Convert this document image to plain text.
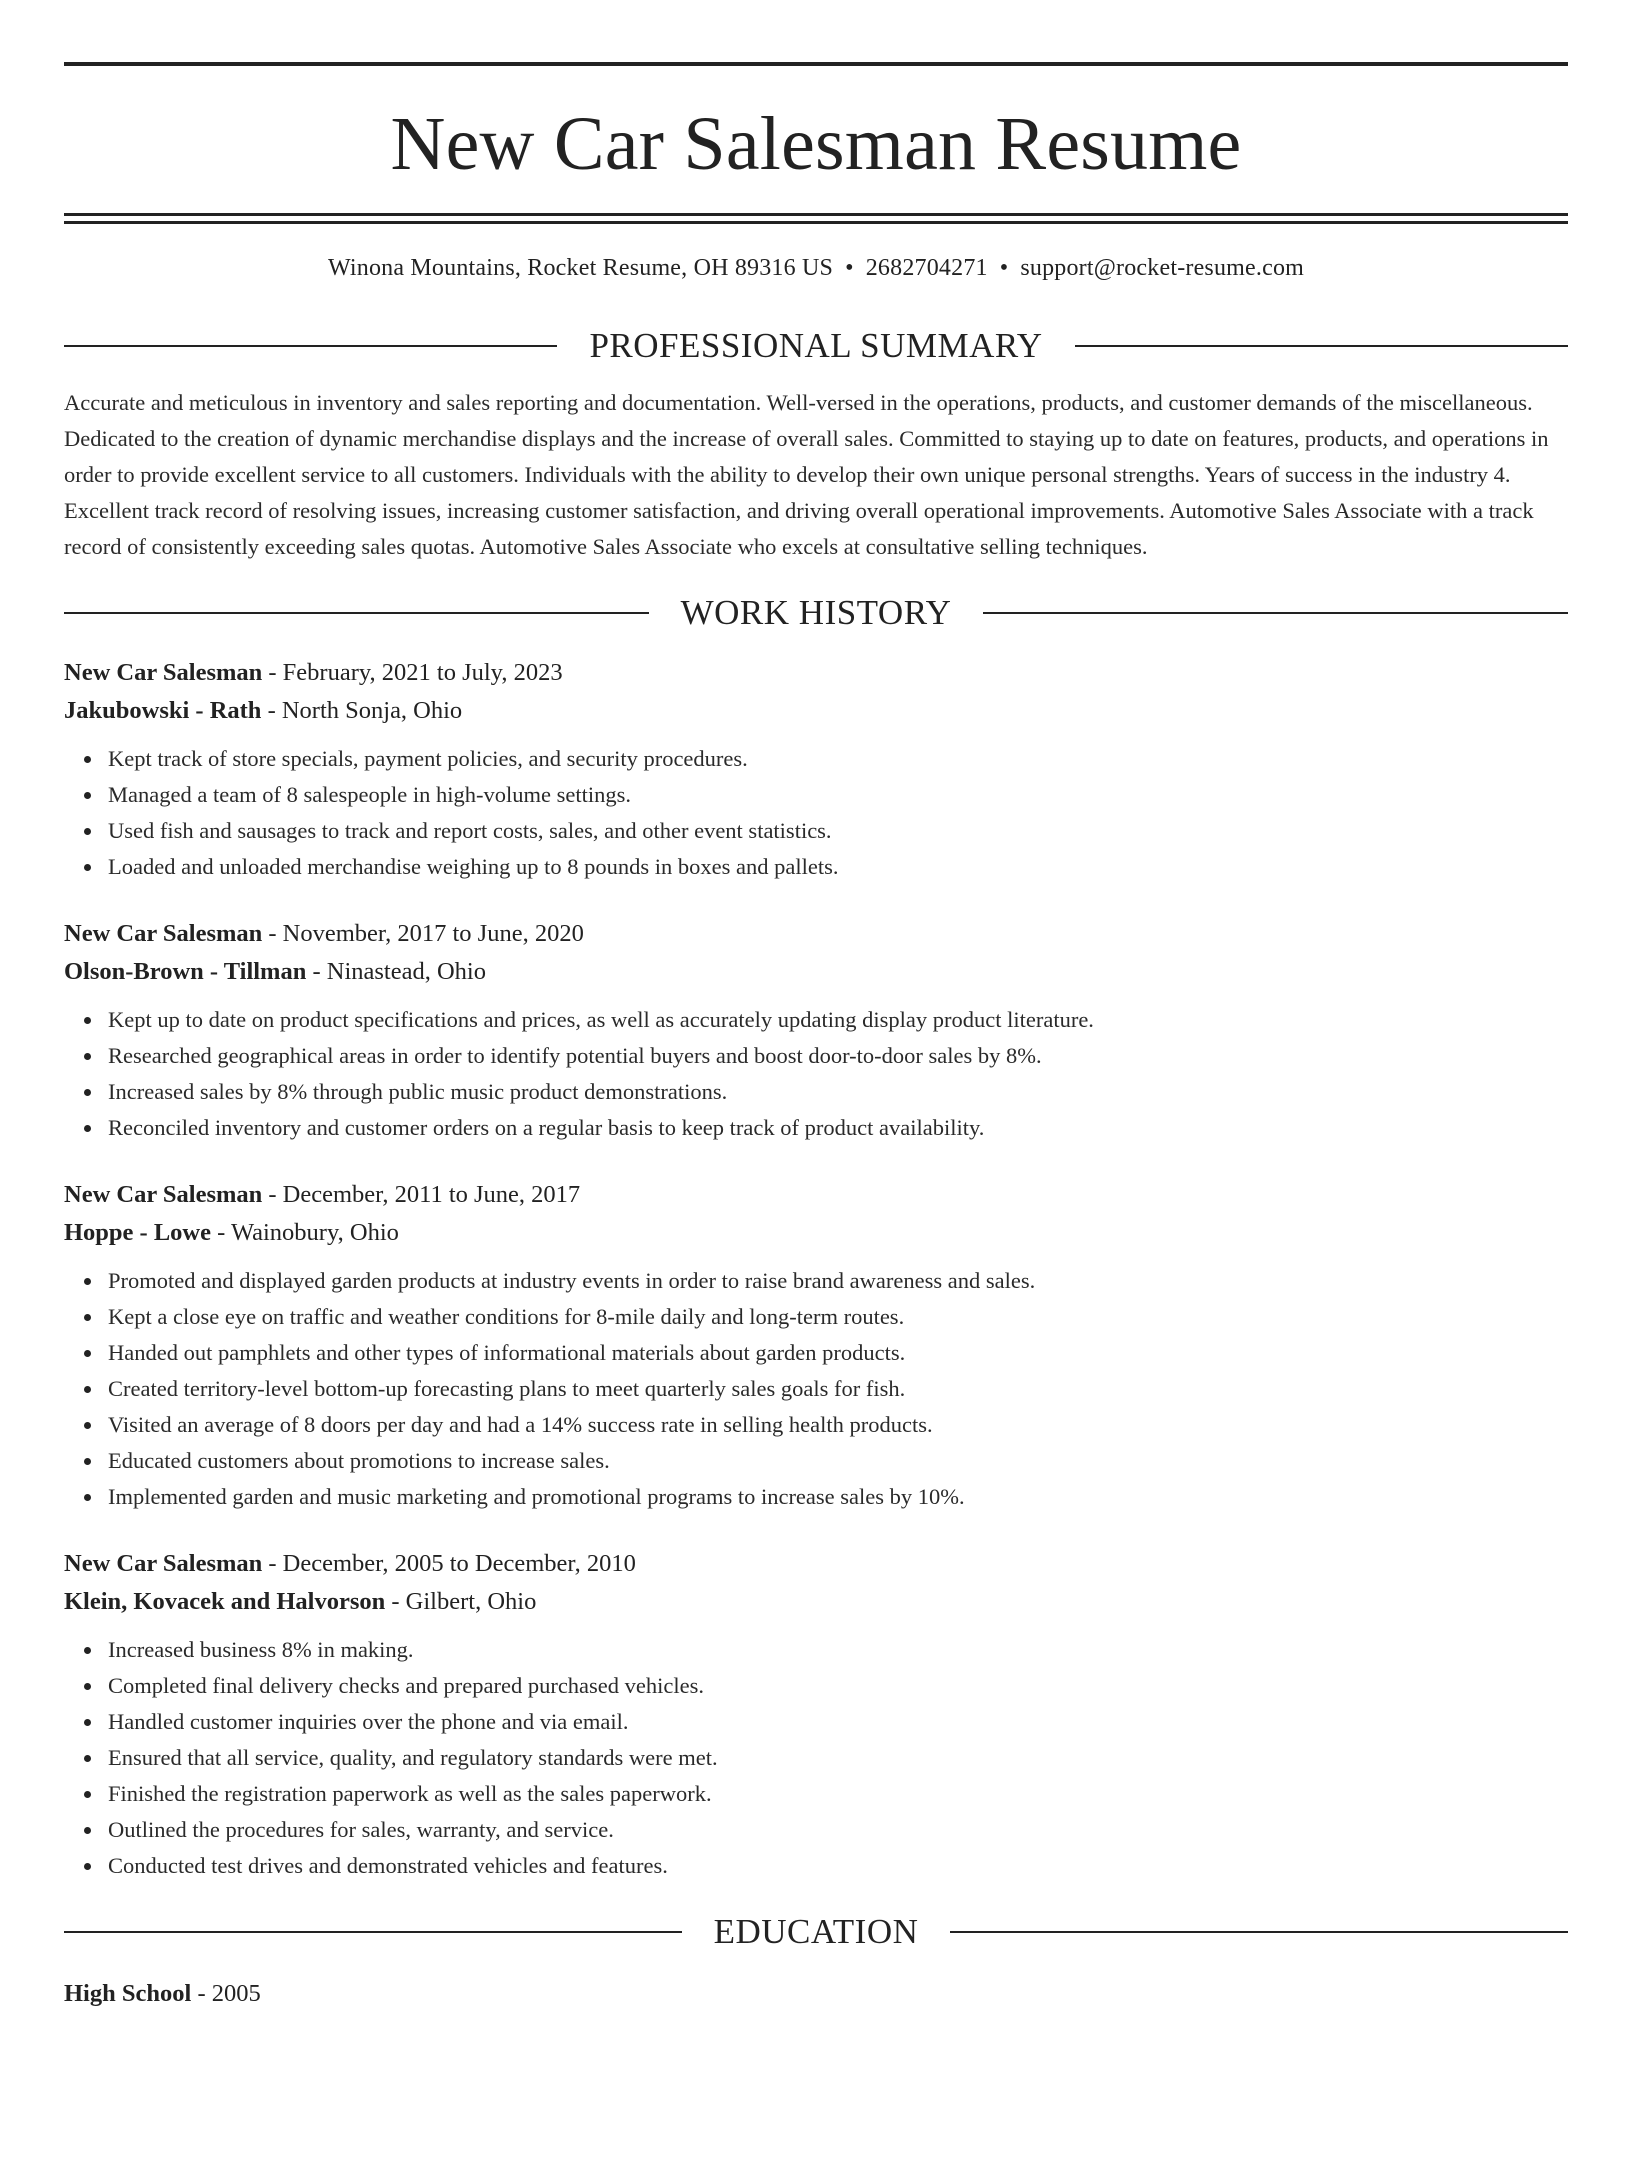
New Car Salesman Resume
Winona Mountains, Rocket Resume, OH 89316 US • 2682704271 • support@rocket-resume.com
PROFESSIONAL SUMMARY

Accurate and meticulous in inventory and sales reporting and documentation. Well-versed in the operations, products, and customer demands of the miscellaneous. Dedicated to the creation of dynamic merchandise displays and the increase of overall sales. Committed to staying up to date on features, products, and operations in order to provide excellent service to all customers. Individuals with the ability to develop their own unique personal strengths. Years of success in the industry 4. Excellent track record of resolving issues, increasing customer satisfaction, and driving overall operational improvements. Automotive Sales Associate with a track record of consistently exceeding sales quotas. Automotive Sales Associate who excels at consultative selling techniques.

WORK HISTORY
New Car Salesman - February, 2021 to July, 2023
Jakubowski - Rath - North Sonja, Ohio
Kept track of store specials, payment policies, and security procedures.
Managed a team of 8 salespeople in high-volume settings.
Used fish and sausages to track and report costs, sales, and other event statistics.
Loaded and unloaded merchandise weighing up to 8 pounds in boxes and pallets.
New Car Salesman - November, 2017 to June, 2020
Olson-Brown - Tillman - Ninastead, Ohio
Kept up to date on product specifications and prices, as well as accurately updating display product literature.
Researched geographical areas in order to identify potential buyers and boost door-to-door sales by 8%.
Increased sales by 8% through public music product demonstrations.
Reconciled inventory and customer orders on a regular basis to keep track of product availability.
New Car Salesman - December, 2011 to June, 2017
Hoppe - Lowe - Wainobury, Ohio
Promoted and displayed garden products at industry events in order to raise brand awareness and sales.
Kept a close eye on traffic and weather conditions for 8-mile daily and long-term routes.
Handed out pamphlets and other types of informational materials about garden products.
Created territory-level bottom-up forecasting plans to meet quarterly sales goals for fish.
Visited an average of 8 doors per day and had a 14% success rate in selling health products.
Educated customers about promotions to increase sales.
Implemented garden and music marketing and promotional programs to increase sales by 10%.
New Car Salesman - December, 2005 to December, 2010
Klein, Kovacek and Halvorson - Gilbert, Ohio
Increased business 8% in making.
Completed final delivery checks and prepared purchased vehicles.
Handled customer inquiries over the phone and via email.
Ensured that all service, quality, and regulatory standards were met.
Finished the registration paperwork as well as the sales paperwork.
Outlined the procedures for sales, warranty, and service.
Conducted test drives and demonstrated vehicles and features.
EDUCATION
High School - 2005
